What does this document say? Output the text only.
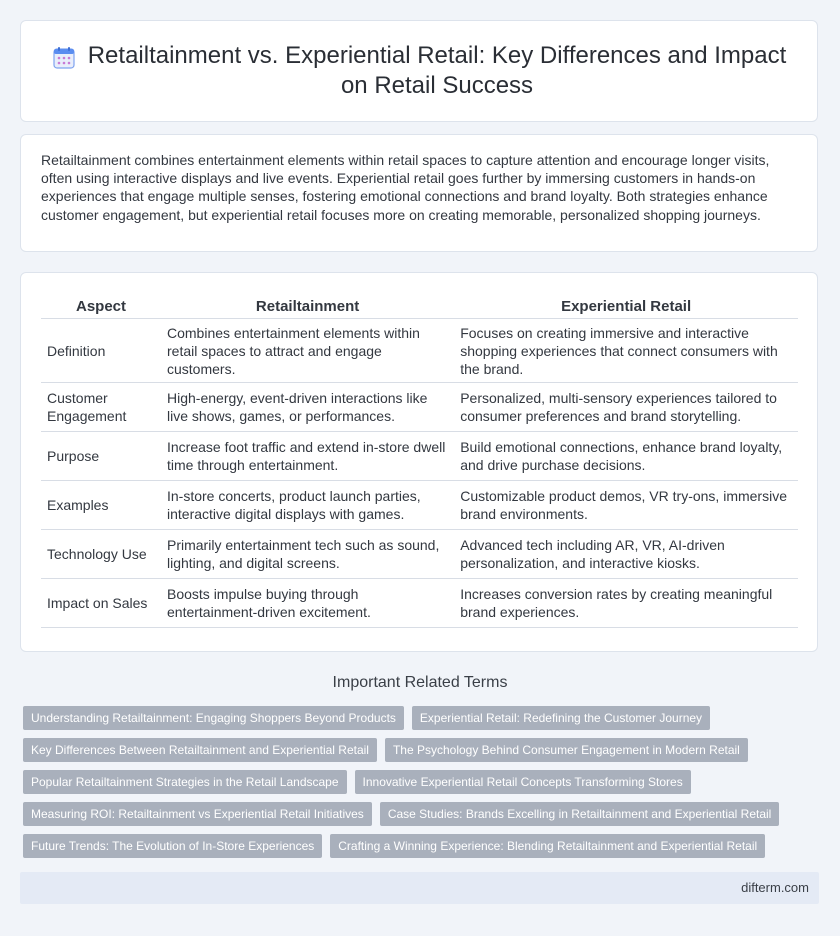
Retailtainment vs. Experiential Retail: Key Differences and Impact on Retail Success

Retailtainment combines entertainment elements within retail spaces to capture attention and encourage longer visits, often using interactive displays and live events. Experiential retail goes further by immersing customers in hands-on experiences that engage multiple senses, fostering emotional connections and brand loyalty. Both strategies enhance customer engagement, but experiential retail focuses more on creating memorable, personalized shopping journeys.

Aspect	Retailtainment	Experiential Retail
Definition	Combines entertainment elements within retail spaces to attract and engage customers.	Focuses on creating immersive and interactive shopping experiences that connect consumers with the brand.
Customer Engagement	High-energy, event-driven interactions like live shows, games, or performances.	Personalized, multi-sensory experiences tailored to consumer preferences and brand storytelling.
Purpose	Increase foot traffic and extend in-store dwell time through entertainment.	Build emotional connections, enhance brand loyalty, and drive purchase decisions.
Examples	In-store concerts, product launch parties, interactive digital displays with games.	Customizable product demos, VR try-ons, immersive brand environments.
Technology Use	Primarily entertainment tech such as sound, lighting, and digital screens.	Advanced tech including AR, VR, AI-driven personalization, and interactive kiosks.
Impact on Sales	Boosts impulse buying through entertainment-driven excitement.	Increases conversion rates by creating meaningful brand experiences.
Important Related Terms
Understanding Retailtainment: Engaging Shoppers Beyond Products	Experiential Retail: Redefining the Customer Journey
Key Differences Between Retailtainment and Experiential Retail	The Psychology Behind Consumer Engagement in Modern Retail
Popular Retailtainment Strategies in the Retail Landscape	Innovative Experiential Retail Concepts Transforming Stores
Measuring ROI: Retailtainment vs Experiential Retail Initiatives	Case Studies: Brands Excelling in Retailtainment and Experiential Retail
Future Trends: The Evolution of In-Store Experiences	Crafting a Winning Experience: Blending Retailtainment and Experiential Retail
difterm.com
